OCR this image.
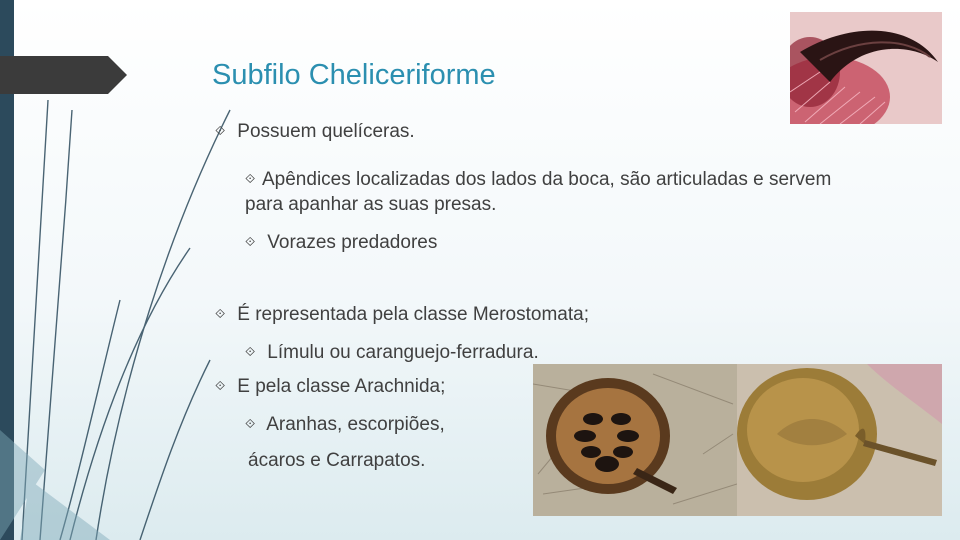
Subfilo Cheliceriforme
⟐ Possuem quelíceras.
⟐ Apêndices localizadas dos lados da boca, são articuladas e servem para apanhar as suas presas.
⟐ Vorazes predadores
⟐ É representada pela classe Merostomata;
⟐ Límulu ou caranguejo-ferradura.
⟐ E pela classe Arachnida;
⟐ Aranhas, escorpiões,
ácaros e Carrapatos.
